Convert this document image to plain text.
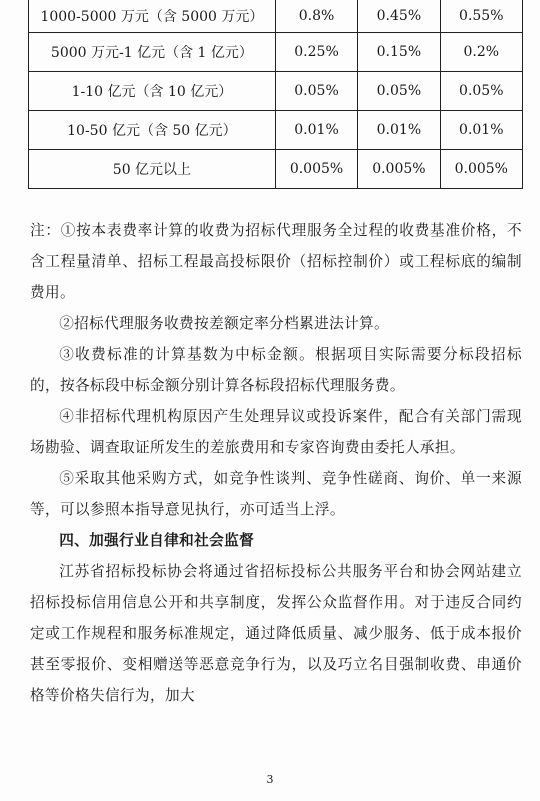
1000-5000 万元（含 5000 万元）	0.8%	0.45%	0.55%
5000 万元-1 亿元（含 1 亿元）	0.25%	0.15%	0.2%
1-10 亿元（含 10 亿元）	0.05%	0.05%	0.05%
10-50 亿元（含 50 亿元）	0.01%	0.01%	0.01%
50 亿元以上	0.005%	0.005%	0.005%

注：①按本表费率计算的收费为招标代理服务全过程的收费基准价格，不含工程量清单、招标工程最高投标限价（招标控制价）或工程标底的编制费用。

②招标代理服务收费按差额定率分档累进法计算。

③收费标准的计算基数为中标金额。根据项目实际需要分标段招标的，按各标段中标金额分别计算各标段招标代理服务费。

④非招标代理机构原因产生处理异议或投诉案件，配合有关部门需现场勘验、调查取证所发生的差旅费用和专家咨询费由委托人承担。

⑤采取其他采购方式，如竞争性谈判、竞争性磋商、询价、单一来源等，可以参照本指导意见执行，亦可适当上浮。

四、加强行业自律和社会监督

江苏省招标投标协会将通过省招标投标公共服务平台和协会网站建立招标投标信用信息公开和共享制度，发挥公众监督作用。对于违反合同约定或工作规程和服务标准规定，通过降低质量、减少服务、低于成本报价甚至零报价、变相赠送等恶意竞争行为，以及巧立名目强制收费、串通价格等价格失信行为，加大

3
